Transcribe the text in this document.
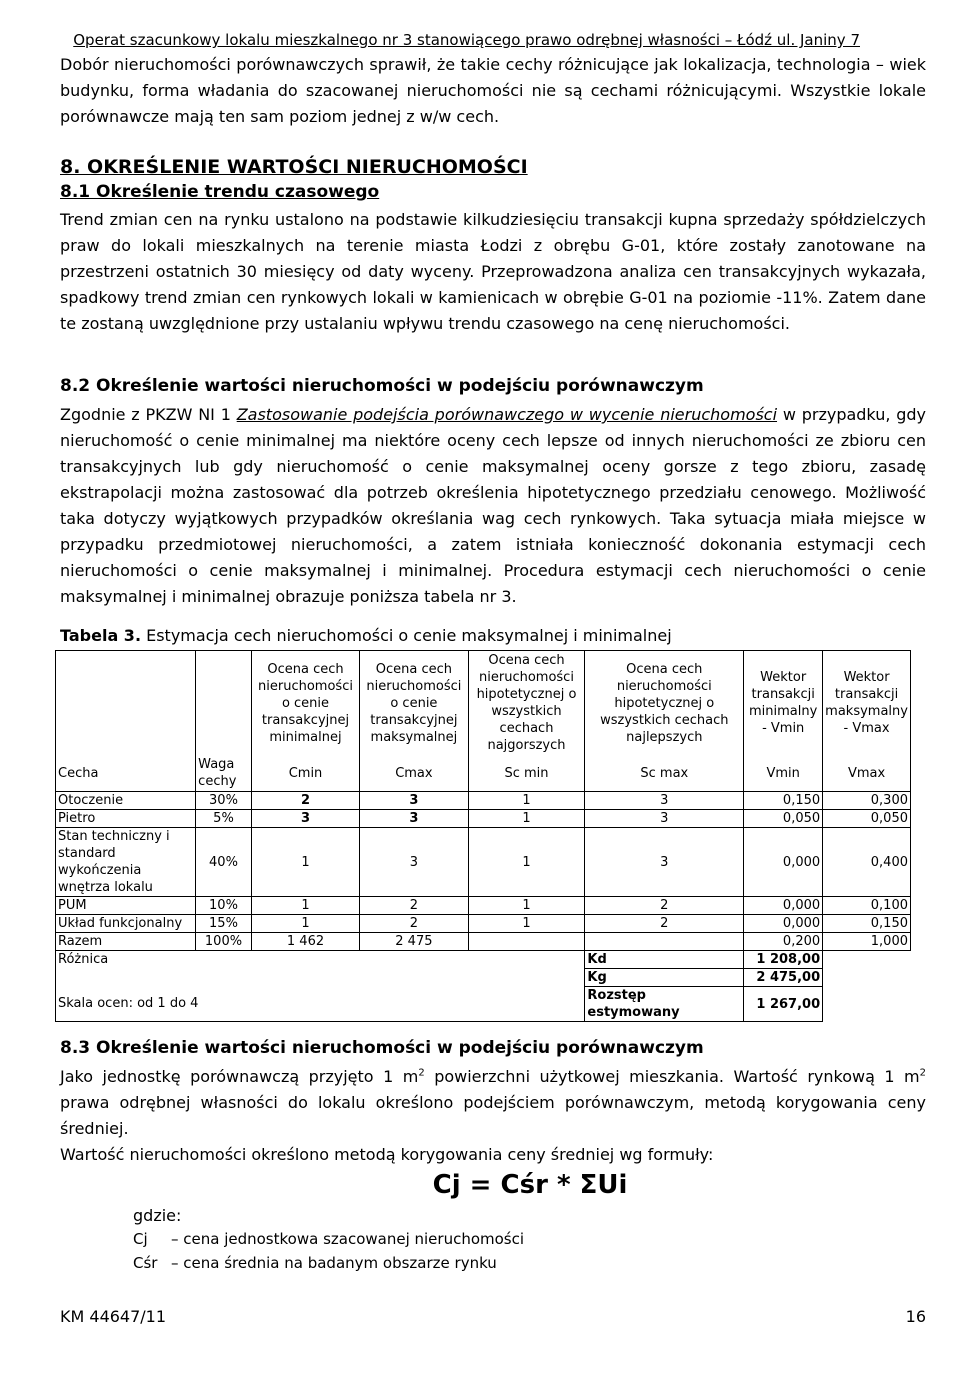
Operat szacunkowy lokalu mieszkalnego nr 3 stanowiącego prawo odrębnej własności – Łódź ul. Janiny 7

Dobór nieruchomości porównawczych sprawił, że takie cechy różnicujące jak lokalizacja, technologia – wiek budynku, forma władania do szacowanej nieruchomości nie są cechami różnicującymi. Wszystkie lokale porównawcze mają ten sam poziom jednej z w/w cech.

8. OKREŚLENIE WARTOŚCI NIERUCHOMOŚCI
8.1 Określenie trendu czasowego

Trend zmian cen na rynku ustalono na podstawie kilkudziesięciu transakcji kupna sprzedaży spółdzielczych praw do lokali mieszkalnych na terenie miasta Łodzi z obrębu G-01, które zostały zanotowane na przestrzeni ostatnich 30 miesięcy od daty wyceny. Przeprowadzona analiza cen transakcyjnych wykazała, spadkowy trend zmian cen rynkowych lokali w kamienicach w obrębie G-01 na poziomie -11%. Zatem dane te zostaną uwzględnione przy ustalaniu wpływu trendu czasowego na cenę nieruchomości.

8.2 Określenie wartości nieruchomości w podejściu porównawczym

Zgodnie z PKZW NI 1 Zastosowanie podejścia porównawczego w wycenie nieruchomości w przypadku, gdy nieruchomość o cenie minimalnej ma niektóre oceny cech lepsze od innych nieruchomości ze zbioru cen transakcyjnych lub gdy nieruchomość o cenie maksymalnej oceny gorsze z tego zbioru, zasadę ekstrapolacji można zastosować dla potrzeb określenia hipotetycznego przedziału cenowego. Możliwość taka dotyczy wyjątkowych przypadków określania wag cech rynkowych. Taka sytuacja miała miejsce w przypadku przedmiotowej nieruchomości, a zatem istniała konieczność dokonania estymacji cech nieruchomości o cenie maksymalnej i minimalnej. Procedura estymacji cech nieruchomości o cenie maksymalnej i minimalnej obrazuje poniższa tabela nr 3.

Tabela 3. Estymacja cech nieruchomości o cenie maksymalnej i minimalnej

		Ocena cech nieruchomości o cenie transakcyjnej minimalnej	Ocena cech nieruchomości o cenie transakcyjnej maksymalnej	Ocena cech nieruchomości hipotetycznej o wszystkich cechach najgorszych	Ocena cech nieruchomości hipotetycznej o wszystkich cechach najlepszych	Wektor transakcji minimalny - Vmin	Wektor transakcji maksymalny - Vmax
Cecha	Waga cechy	Cmin	Cmax	Sc min	Sc max	Vmin	Vmax
Otoczenie	30%	2	3	1	3	0,150	0,300
Pietro	5%	3	3	1	3	0,050	0,050
Stan techniczny i standard wykończenia wnętrza lokalu	40%	1	3	1	3	0,000	0,400
PUM	10%	1	2	1	2	0,000	0,100
Układ funkcjonalny	15%	1	2	1	2	0,000	0,150
Razem	100%	1 462	2 475			0,200	1,000
Różnica					Kd	1 208,00	
					Kg	2 475,00	
Skala ocen: od 1 do 4					Rozstęp estymowany	1 267,00	
8.3 Określenie wartości nieruchomości w podejściu porównawczym

Jako jednostkę porównawczą przyjęto 1 $m^2$ powierzchni użytkowej mieszkania. Wartość rynkową 1 $m^2$ prawa odrębnej własności do lokalu określono podejściem porównawczym, metodą korygowania ceny średniej.

Wartość nieruchomości określono metodą korygowania ceny średniej wg formuły:

Cj = Cśr * ΣUi

gdzie:

Cj – cena jednostkowa szacowanej nieruchomości

Cśr – cena średnia na badanym obszarze rynku

KM 44647/11	16
